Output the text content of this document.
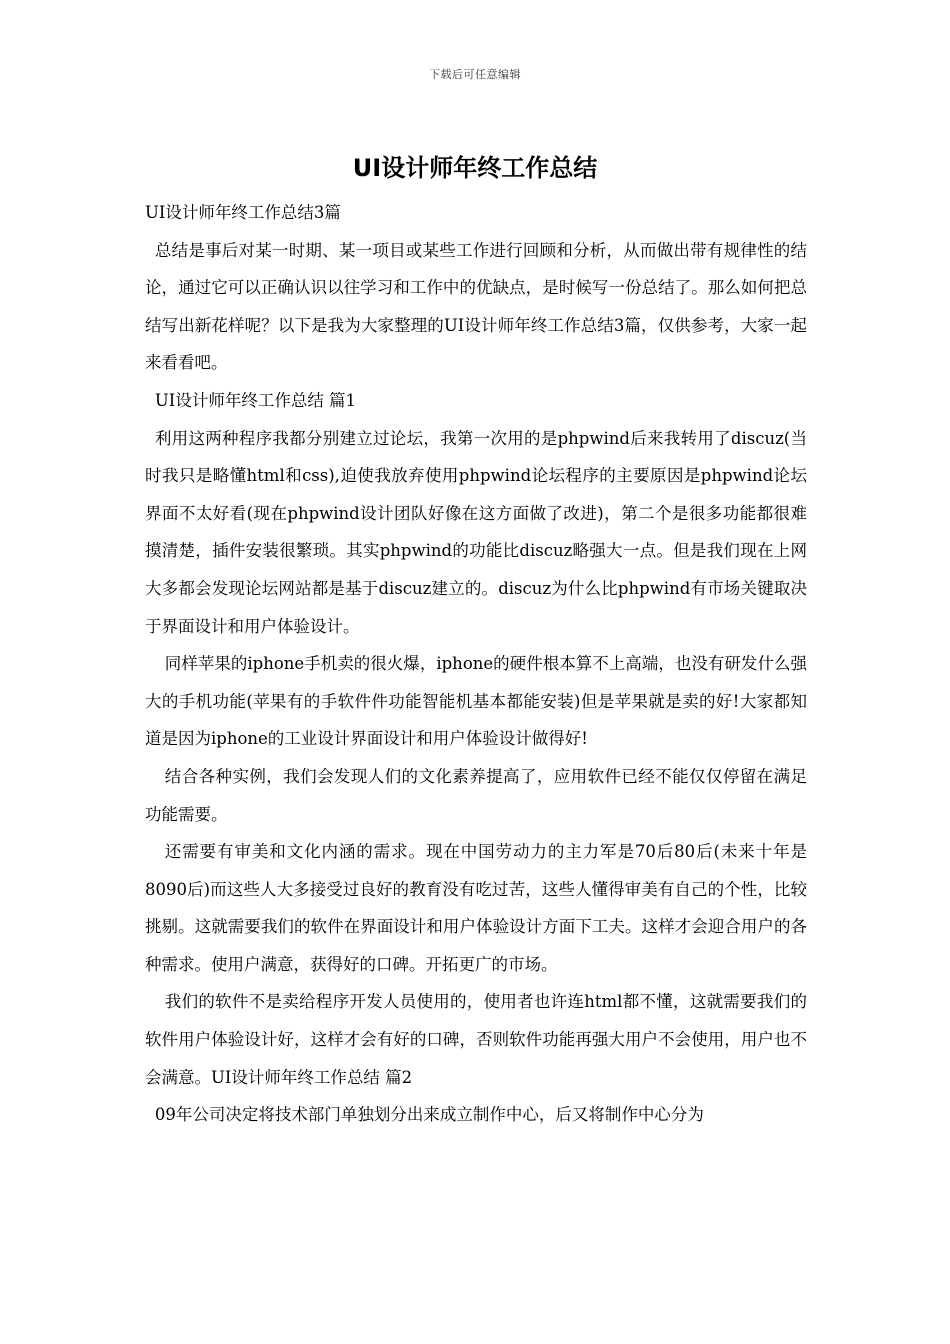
下载后可任意编辑
UI设计师年终工作总结

UI设计师年终工作总结3篇

总结是事后对某一时期、某一项目或某些工作进行回顾和分析，从而做出带有规律性的结论，通过它可以正确认识以往学习和工作中的优缺点，是时候写一份总结了。那么如何把总结写出新花样呢？以下是我为大家整理的UI设计师年终工作总结3篇，仅供参考，大家一起来看看吧。

UI设计师年终工作总结 篇1

利用这两种程序我都分别建立过论坛，我第一次用的是phpwind后来我转用了discuz(当时我只是略懂html和css),迫使我放弃使用phpwind论坛程序的主要原因是phpwind论坛界面不太好看(现在phpwind设计团队好像在这方面做了改进)，第二个是很多功能都很难摸清楚，插件安装很繁琐。其实phpwind的功能比discuz略强大一点。但是我们现在上网大多都会发现论坛网站都是基于discuz建立的。discuz为什么比phpwind有市场关键取决于界面设计和用户体验设计。

同样苹果的iphone手机卖的很火爆，iphone的硬件根本算不上高端，也没有研发什么强大的手机功能(苹果有的手软件件功能智能机基本都能安装)但是苹果就是卖的好!大家都知道是因为iphone的工业设计界面设计和用户体验设计做得好!

结合各种实例，我们会发现人们的文化素养提高了，应用软件已经不能仅仅停留在满足功能需要。

还需要有审美和文化内涵的需求。现在中国劳动力的主力军是70后80后(未来十年是8090后)而这些人大多接受过良好的教育没有吃过苦，这些人懂得审美有自己的个性，比较挑剔。这就需要我们的软件在界面设计和用户体验设计方面下工夫。这样才会迎合用户的各种需求。使用户满意，获得好的口碑。开拓更广的市场。

我们的软件不是卖给程序开发人员使用的，使用者也许连html都不懂，这就需要我们的软件用户体验设计好，这样才会有好的口碑，否则软件功能再强大用户不会使用，用户也不会满意。UI设计师年终工作总结 篇2

09年公司决定将技术部门单独划分出来成立制作中心，后又将制作中心分为
